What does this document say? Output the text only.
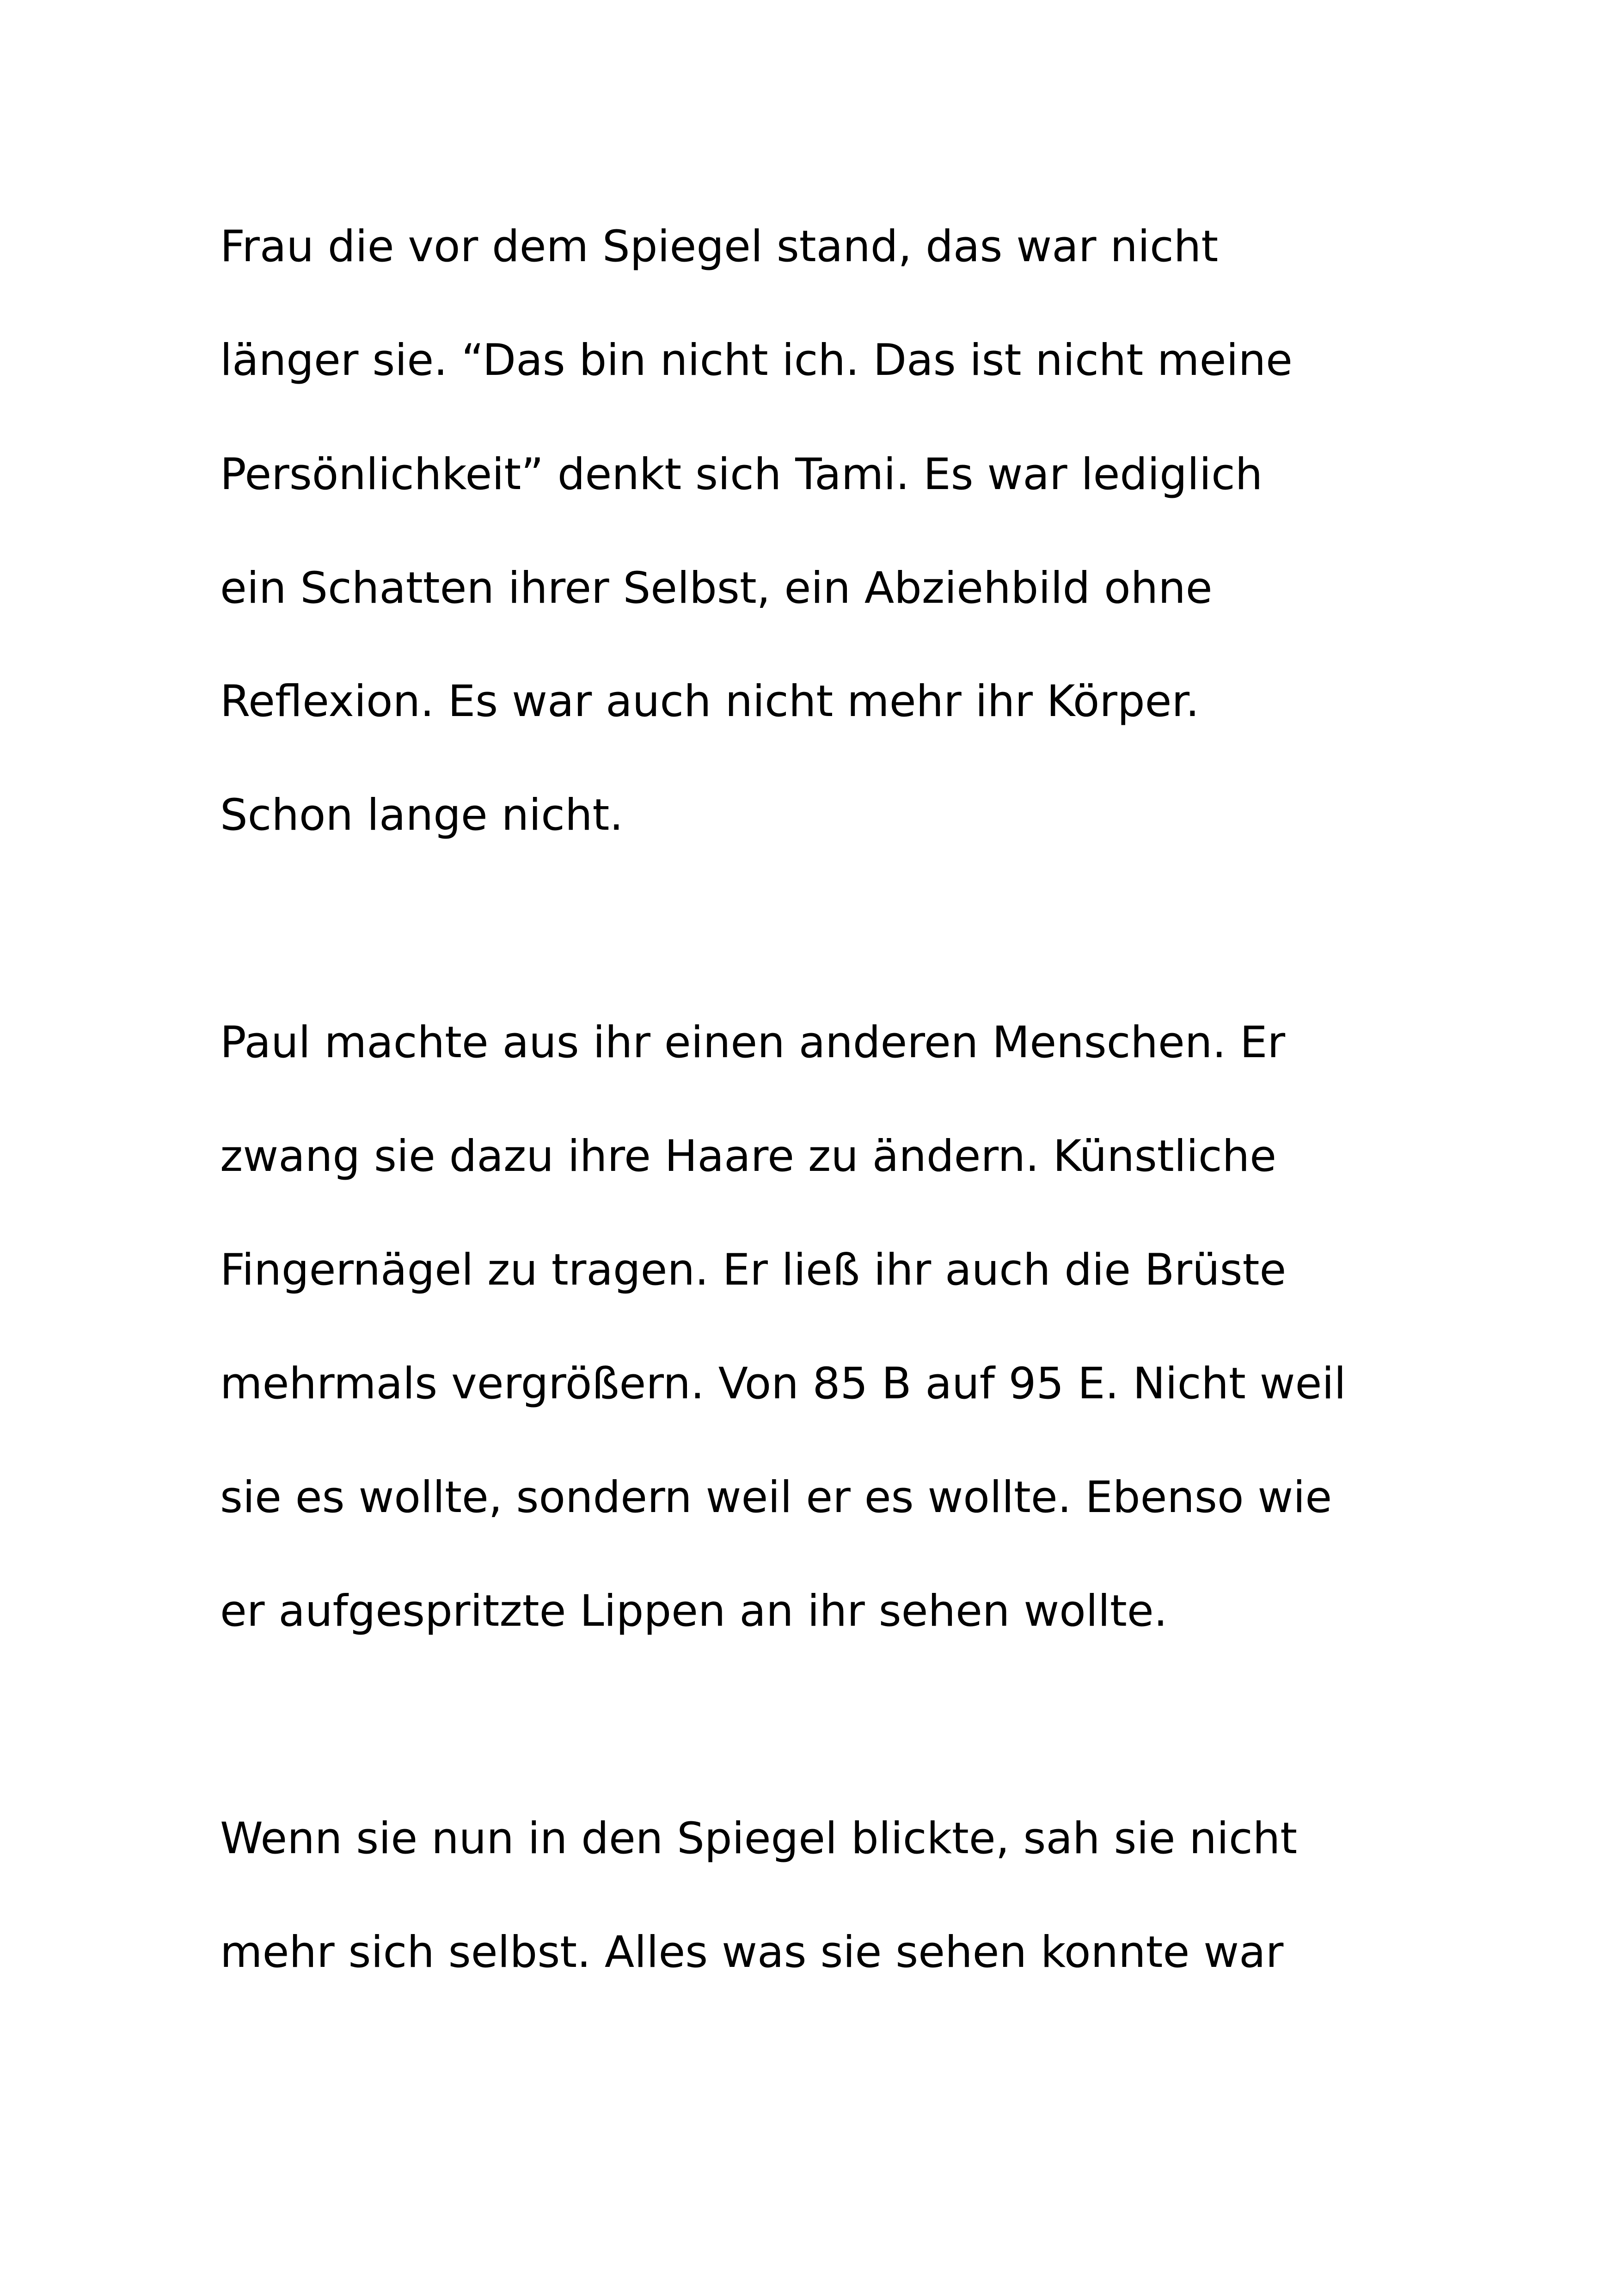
Frau die vor dem Spiegel stand, das war nicht

länger sie. “Das bin nicht ich. Das ist nicht meine

Persönlichkeit” denkt sich Tami. Es war lediglich

ein Schatten ihrer Selbst, ein Abziehbild ohne

Reflexion. Es war auch nicht mehr ihr Körper.

Schon lange nicht.

Paul machte aus ihr einen anderen Menschen. Er

zwang sie dazu ihre Haare zu ändern. Künstliche

Fingernägel zu tragen. Er ließ ihr auch die Brüste

mehrmals vergrößern. Von 85 B auf 95 E. Nicht weil

sie es wollte, sondern weil er es wollte. Ebenso wie

er aufgespritzte Lippen an ihr sehen wollte.

Wenn sie nun in den Spiegel blickte, sah sie nicht

mehr sich selbst. Alles was sie sehen konnte war
